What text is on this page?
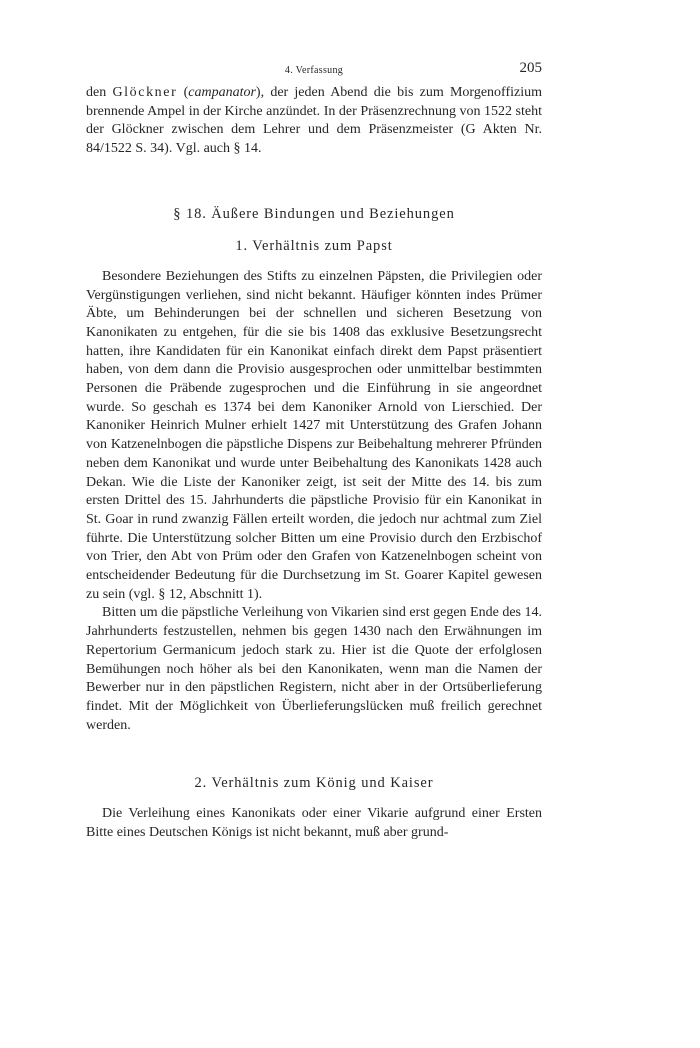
4. Verfassung	205

den Glöckner (campanator), der jeden Abend die bis zum Morgenoffizium brennende Ampel in der Kirche anzündet. In der Präsenzrechnung von 1522 steht der Glöckner zwischen dem Lehrer und dem Präsenzmeister (G Akten Nr. 84/1522 S. 34). Vgl. auch § 14.

§ 18. Äußere Bindungen und Beziehungen
1. Verhältnis zum Papst

Besondere Beziehungen des Stifts zu einzelnen Päpsten, die Privilegien oder Vergünstigungen verliehen, sind nicht bekannt. Häufiger könnten indes Prümer Äbte, um Behinderungen bei der schnellen und sicheren Besetzung von Kanonikaten zu entgehen, für die sie bis 1408 das exklusive Besetzungsrecht hatten, ihre Kandidaten für ein Kanonikat einfach direkt dem Papst präsentiert haben, von dem dann die Provisio ausgesprochen oder unmittelbar bestimmten Personen die Präbende zugesprochen und die Einführung in sie angeordnet wurde. So geschah es 1374 bei dem Kanoniker Arnold von Lierschied. Der Kanoniker Heinrich Mulner erhielt 1427 mit Unterstützung des Grafen Johann von Katzenelnbogen die päpstliche Dispens zur Beibehaltung mehrerer Pfründen neben dem Kanonikat und wurde unter Beibehaltung des Kanonikats 1428 auch Dekan. Wie die Liste der Kanoniker zeigt, ist seit der Mitte des 14. bis zum ersten Drittel des 15. Jahrhunderts die päpstliche Provisio für ein Kanonikat in St. Goar in rund zwanzig Fällen erteilt worden, die jedoch nur achtmal zum Ziel führte. Die Unterstützung solcher Bitten um eine Provisio durch den Erzbischof von Trier, den Abt von Prüm oder den Grafen von Katzenelnbogen scheint von entscheidender Bedeutung für die Durchsetzung im St. Goarer Kapitel gewesen zu sein (vgl. § 12, Abschnitt 1).

Bitten um die päpstliche Verleihung von Vikarien sind erst gegen Ende des 14. Jahrhunderts festzustellen, nehmen bis gegen 1430 nach den Erwähnungen im Repertorium Germanicum jedoch stark zu. Hier ist die Quote der erfolglosen Bemühungen noch höher als bei den Kanonikaten, wenn man die Namen der Bewerber nur in den päpstlichen Registern, nicht aber in der Ortsüberlieferung findet. Mit der Möglichkeit von Überlieferungslücken muß freilich gerechnet werden.

2. Verhältnis zum König und Kaiser

Die Verleihung eines Kanonikats oder einer Vikarie aufgrund einer Ersten Bitte eines Deutschen Königs ist nicht bekannt, muß aber grund-
